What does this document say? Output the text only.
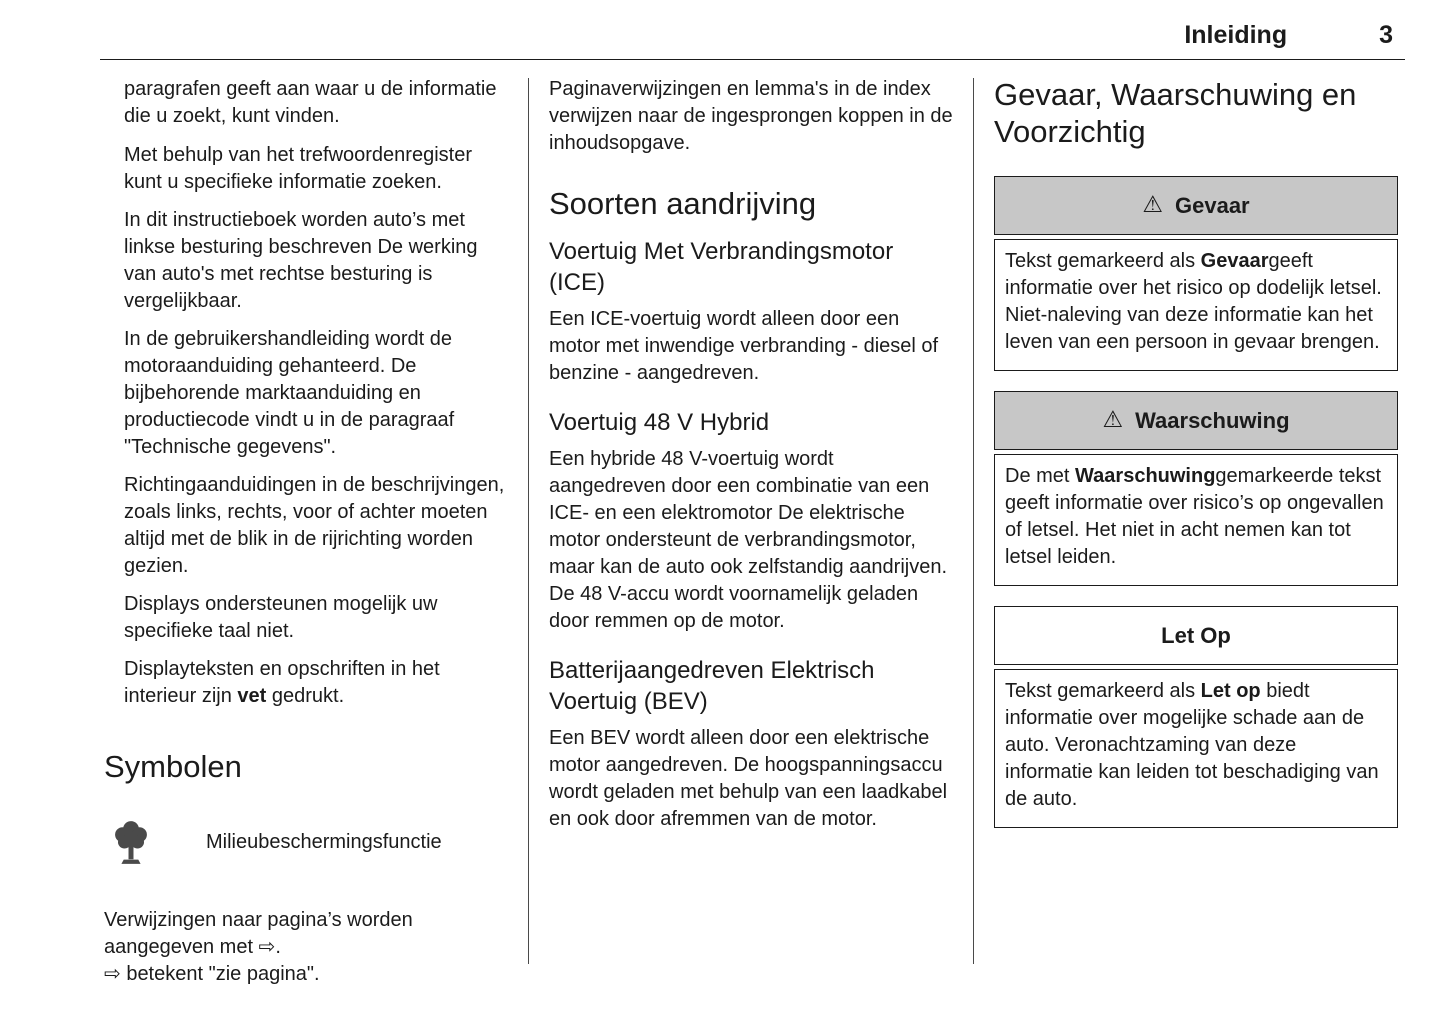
Inleiding	3

paragrafen geeft aan waar u de informatie die u zoekt, kunt vinden.

Met behulp van het trefwoordenregister kunt u specifieke informatie zoeken.
In dit instructieboek worden auto’s met linkse besturing beschreven De werking van auto's met rechtse besturing is vergelijkbaar.
In de gebruikershandleiding wordt de motoraanduiding gehanteerd. De bijbehorende marktaanduiding en productiecode vindt u in de paragraaf "Technische gegevens".
Richtingaanduidingen in de beschrijvingen, zoals links, rechts, voor of achter moeten altijd met de blik in de rijrichting worden gezien.
Displays ondersteunen mogelijk uw specifieke taal niet.
Displayteksten en opschriften in het interieur zijn vet gedrukt.
Symbolen
Milieubeschermingsfunctie
Verwijzingen naar pagina’s worden aangegeven met ⇨.
⇨ betekent "zie pagina".

Paginaverwijzingen en lemma's in de index verwijzen naar de ingesprongen koppen in de inhoudsopgave.

Soorten aandrijving
Voertuig Met Verbrandingsmotor (ICE)

Een ICE-voertuig wordt alleen door een motor met inwendige verbranding - diesel of benzine - aangedreven.

Voertuig 48 V Hybrid

Een hybride 48 V-voertuig wordt aangedreven door een combinatie van een ICE- en een elektromotor De elektrische motor ondersteunt de verbrandingsmotor, maar kan de auto ook zelfstandig aandrijven. De 48 V-accu wordt voornamelijk geladen door remmen op de motor.

Batterijaangedreven Elektrisch Voertuig (BEV)

Een BEV wordt alleen door een elektrische motor aangedreven. De hoogspanningsaccu wordt geladen met behulp van een laadkabel en ook door afremmen van de motor.

Gevaar, Waarschuwing en Voorzichtig
⚠ Gevaar
Tekst gemarkeerd als Gevaargeeft informatie over het risico op dodelijk letsel. Niet-naleving van deze informatie kan het leven van een persoon in gevaar brengen.
⚠ Waarschuwing
De met Waarschuwinggemarkeerde tekst geeft informatie over risico’s op ongevallen of letsel. Het niet in acht nemen kan tot letsel leiden.
Let Op
Tekst gemarkeerd als Let op biedt informatie over mogelijke schade aan de auto. Veronachtzaming van deze informatie kan leiden tot beschadiging van de auto.
